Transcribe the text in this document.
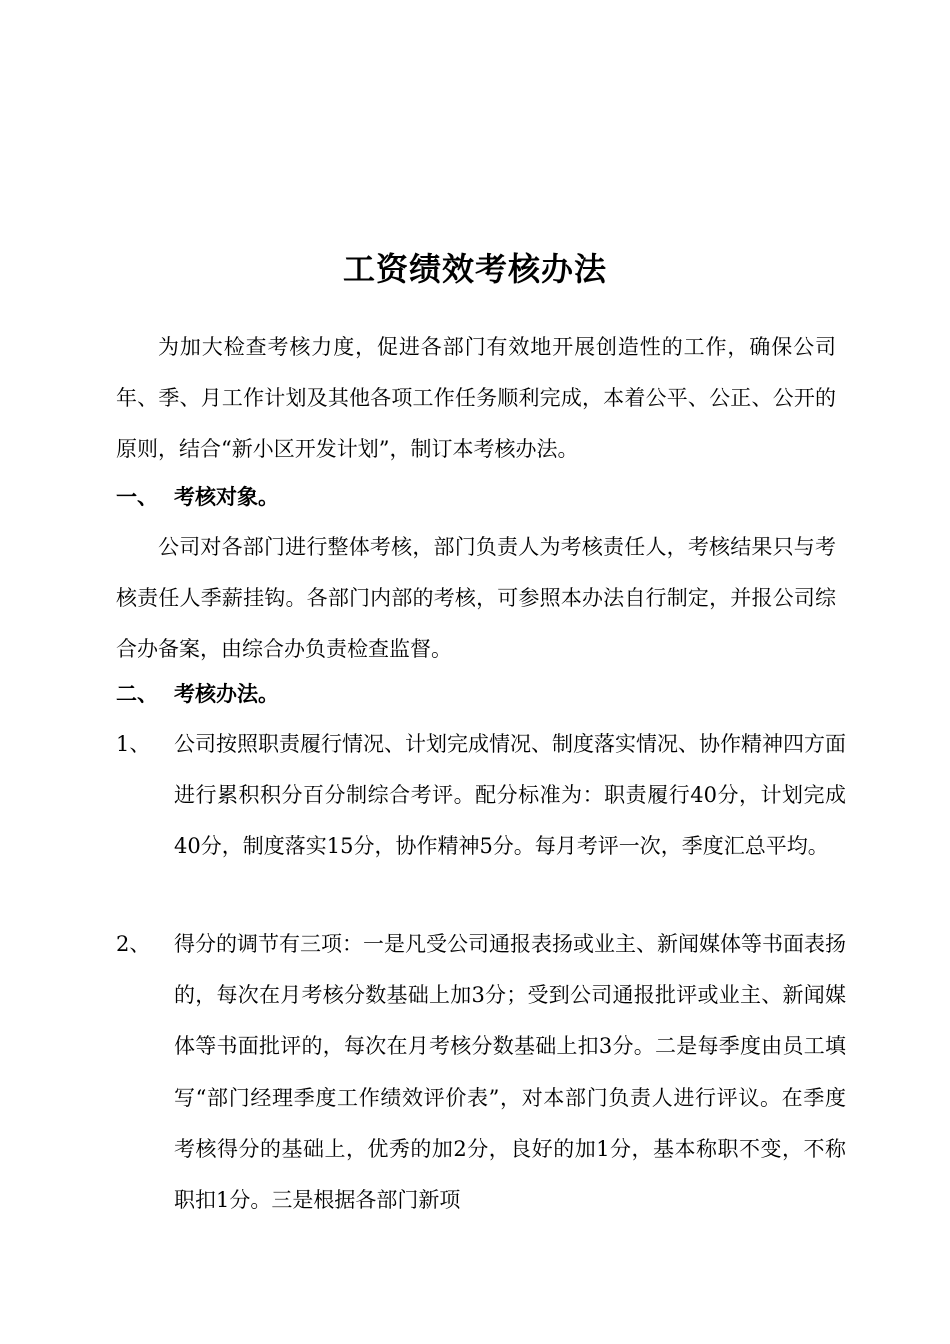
工资绩效考核办法

为加大检查考核力度，促进各部门有效地开展创造性的工作，确保公司年、季、月工作计划及其他各项工作任务顺利完成，本着公平、公正、公开的原则，结合“新小区开发计划”，制订本考核办法。

一、 考核对象。

公司对各部门进行整体考核，部门负责人为考核责任人，考核结果只与考核责任人季薪挂钩。各部门内部的考核，可参照本办法自行制定，并报公司综合办备案，由综合办负责检查监督。

二、 考核办法。

1、 公司按照职责履行情况、计划完成情况、制度落实情况、协作精神四方面进行累积积分百分制综合考评。配分标准为：职责履行40分，计划完成40分，制度落实15分，协作精神5分。每月考评一次，季度汇总平均。
2、 得分的调节有三项：一是凡受公司通报表扬或业主、新闻媒体等书面表扬的，每次在月考核分数基础上加3分；受到公司通报批评或业主、新闻媒体等书面批评的，每次在月考核分数基础上扣3分。二是每季度由员工填写“部门经理季度工作绩效评价表”，对本部门负责人进行评议。在季度考核得分的基础上，优秀的加2分，良好的加1分，基本称职不变，不称职扣1分。三是根据各部门新项
